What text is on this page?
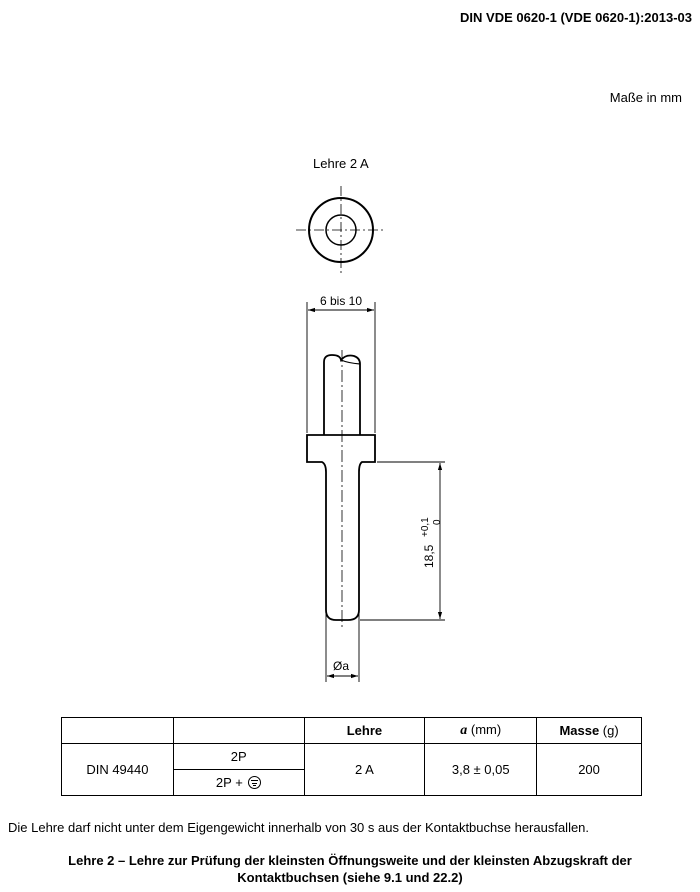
DIN VDE 0620-1 (VDE 0620-1):2013-03
Maße in mm
Lehre 2 A
6 bis 10
18,5
+0,1 0
Øa
		Lehre	a (mm)	Masse (g)
DIN 49440	2P	2 A	3,8 ± 0,05	200
	2P +			
Die Lehre darf nicht unter dem Eigengewicht innerhalb von 30 s aus der Kontaktbuchse herausfallen.
Lehre 2 – Lehre zur Prüfung der kleinsten Öffnungsweite und der kleinsten Abzugskraft der
Kontaktbuchsen (siehe 9.1 und 22.2)
